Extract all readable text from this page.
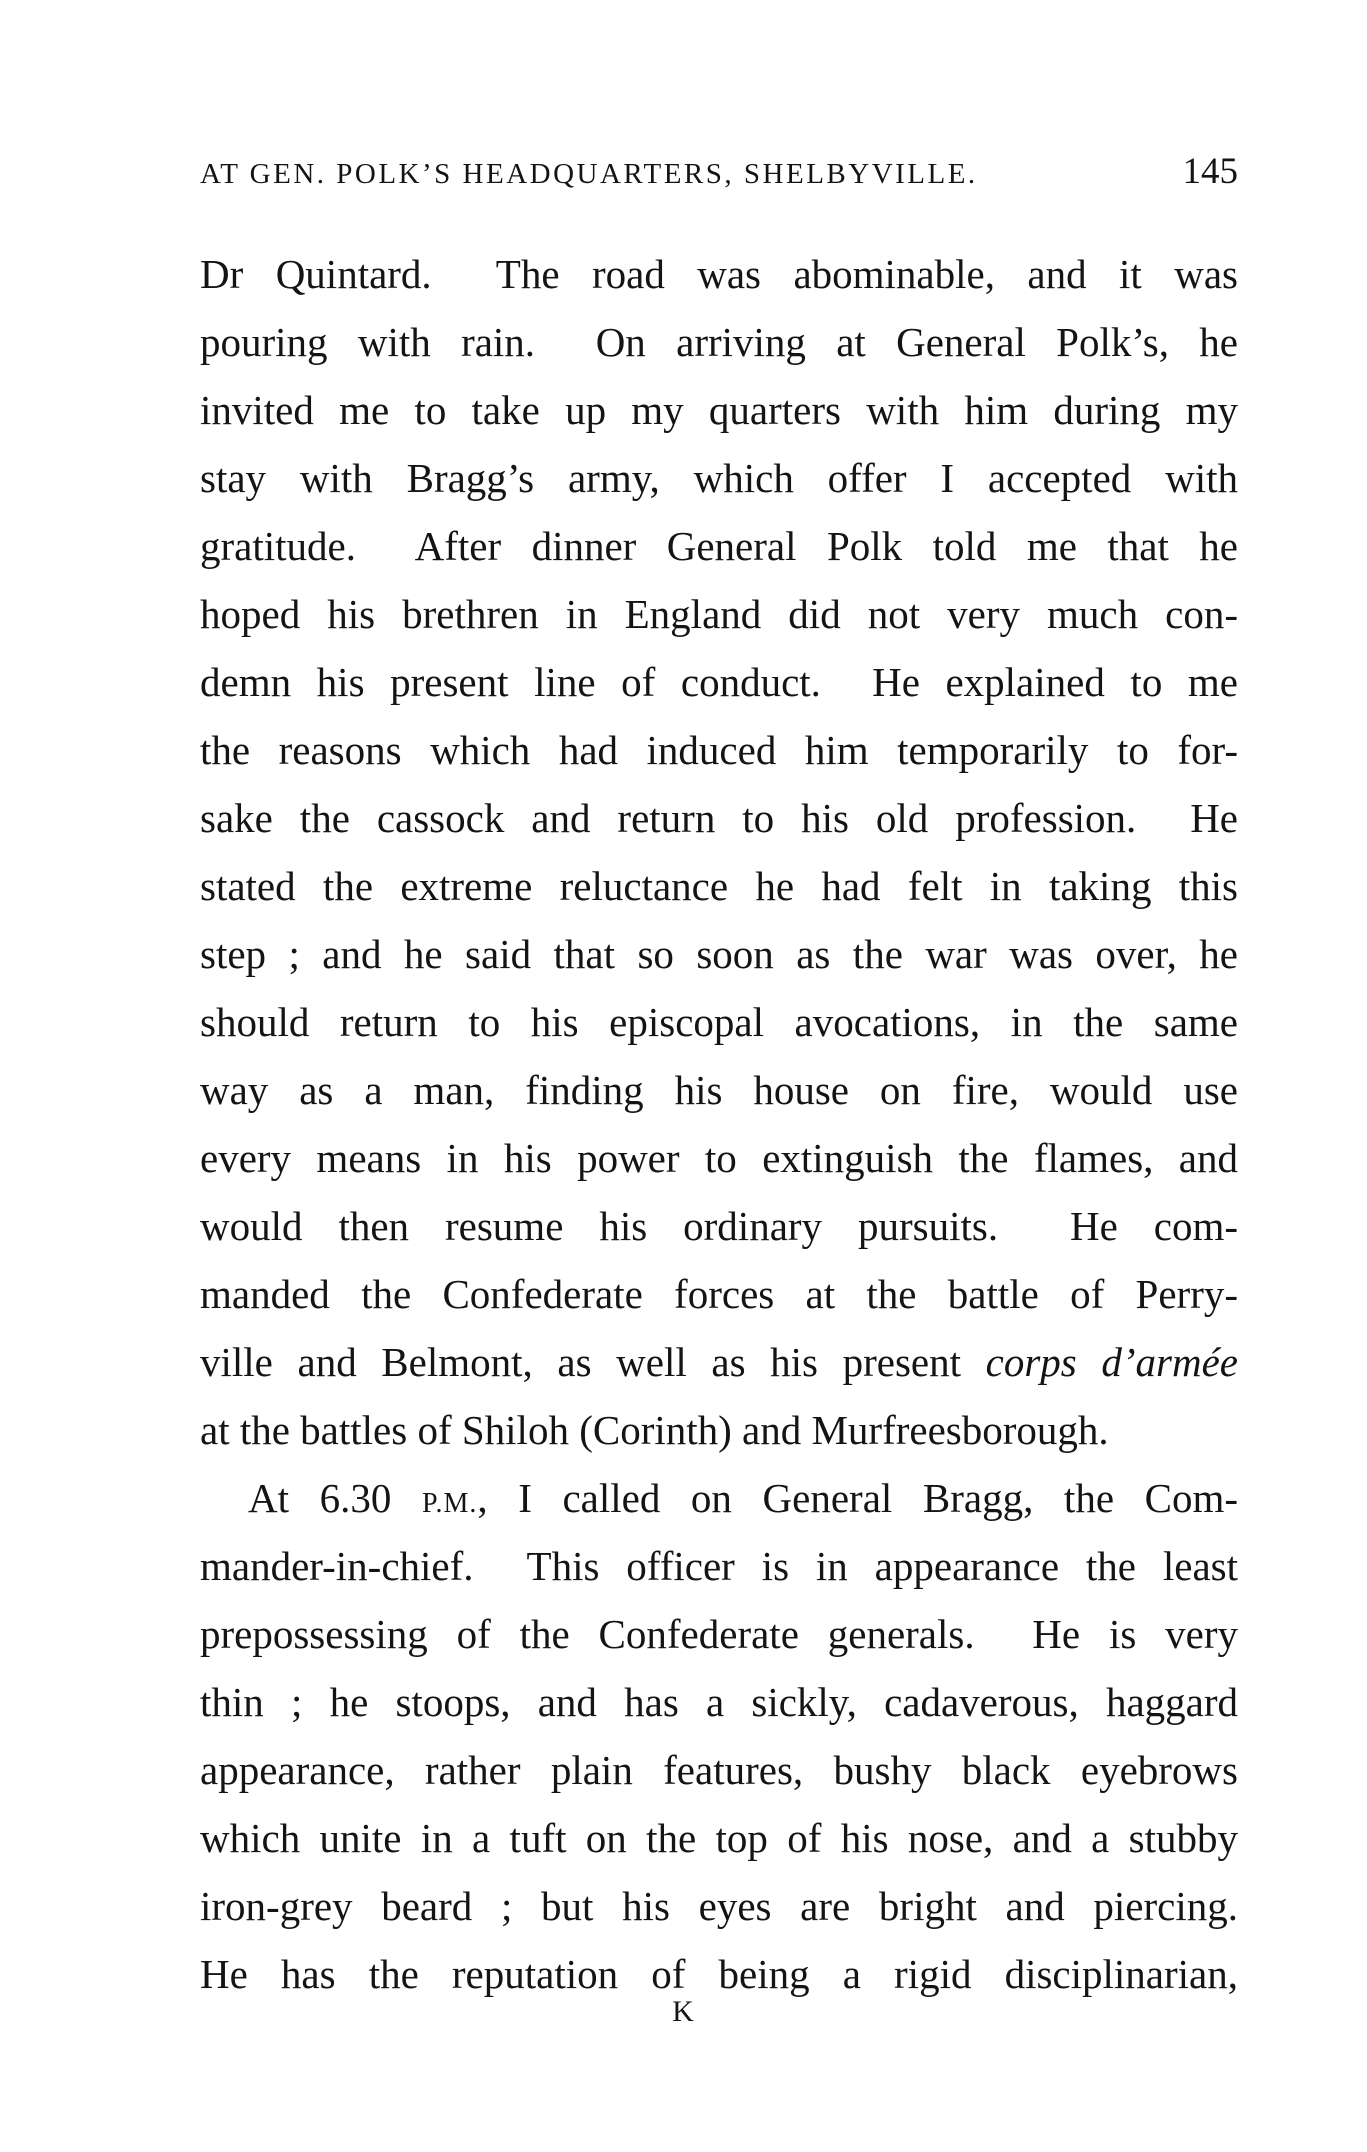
AT GEN. POLK’S HEADQUARTERS, SHELBYVILLE.	145
Dr Quintard.  The road was abominable, and it was
pouring with rain.  On arriving at General Polk’s, he
invited me to take up my quarters with him during my
stay with Bragg’s army, which offer I accepted with
gratitude.  After dinner General Polk told me that he
hoped his brethren in England did not very much con-
demn his present line of conduct.  He explained to me
the reasons which had induced him temporarily to for-
sake the cassock and return to his old profession.  He
stated the extreme reluctance he had felt in taking this
step ; and he said that so soon as the war was over, he
should return to his episcopal avocations, in the same
way as a man, finding his house on fire, would use
every means in his power to extinguish the flames, and
would then resume his ordinary pursuits.  He com-
manded the Confederate forces at the battle of Perry-
ville and Belmont, as well as his present corps d’armée
at the battles of Shiloh (Corinth) and Murfreesborough.
At 6.30 P.M., I called on General Bragg, the Com-
mander-in-chief.  This officer is in appearance the least
prepossessing of the Confederate generals.  He is very
thin ; he stoops, and has a sickly, cadaverous, haggard
appearance, rather plain features, bushy black eyebrows
which unite in a tuft on the top of his nose, and a stubby
iron-grey beard ; but his eyes are bright and piercing.
He has the reputation of being a rigid disciplinarian,
K
